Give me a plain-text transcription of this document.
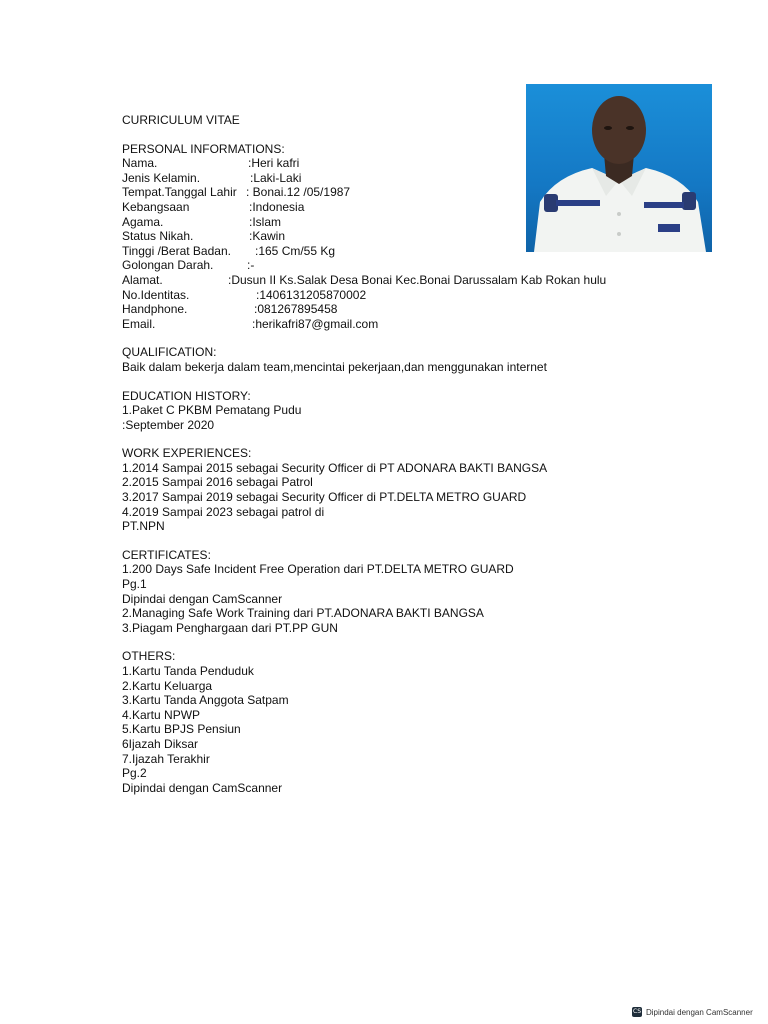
CURRICULUM VITAE
PERSONAL INFORMATIONS:
Nama.	:Heri kafri
Jenis Kelamin.	:Laki-Laki
Tempat.Tanggal Lahir : Bonai.12 /05/1987
Kebangsaan	:Indonesia
Agama.	:Islam
Status Nikah.	:Kawin
Tinggi /Berat Badan. :165 Cm/55 Kg
Golongan Darah.	:-
Alamat.	:Dusun II Ks.Salak Desa Bonai Kec.Bonai Darussalam Kab Rokan hulu
No.Identitas.	:1406131205870002
Handphone.	:081267895458
Email.	:herikafri87@gmail.com
QUALIFICATION:
Baik dalam bekerja dalam team,mencintai pekerjaan,dan menggunakan internet
EDUCATION HISTORY:
1.Paket C PKBM Pematang Pudu
:September 2020
WORK EXPERIENCES:
1.2014 Sampai 2015 sebagai Security Officer di PT ADONARA BAKTI BANGSA
2.2015 Sampai 2016 sebagai Patrol
3.2017 Sampai 2019 sebagai Security Officer di PT.DELTA METRO GUARD
4.2019 Sampai 2023 sebagai patrol di
PT.NPN
CERTIFICATES:
1.200 Days Safe Incident Free Operation dari PT.DELTA METRO GUARD
Pg.1
Dipindai dengan CamScanner
2.Managing Safe Work Training dari PT.ADONARA BAKTI BANGSA
3.Piagam Penghargaan dari PT.PP GUN
OTHERS:
1.Kartu Tanda Penduduk
2.Kartu Keluarga
3.Kartu Tanda Anggota Satpam
4.Kartu NPWP
5.Kartu BPJS Pensiun
6Ijazah Diksar
7.Ijazah Terakhir
Pg.2
Dipindai dengan CamScanner
CS Dipindai dengan CamScanner
